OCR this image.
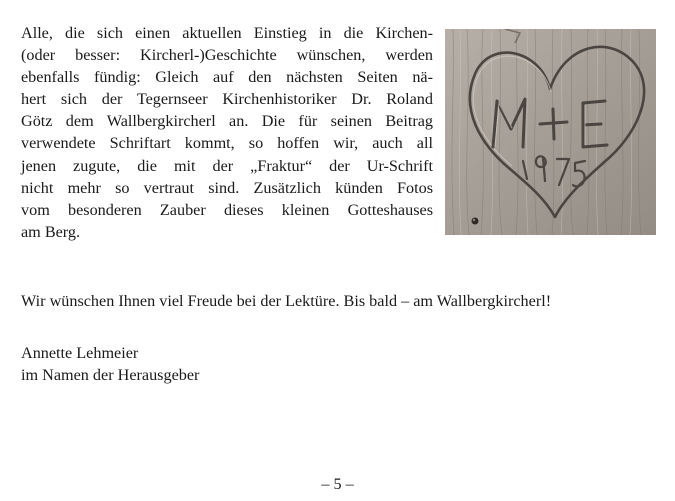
Alle, die sich einen aktuellen Einstieg in die Kirchen-
(oder besser: Kircherl-)Geschichte wünschen, werden
ebenfalls fündig: Gleich auf den nächsten Seiten nä-
hert sich der Tegernseer Kirchenhistoriker Dr. Roland
Götz dem Wallbergkircherl an. Die für seinen Beitrag
verwendete Schriftart kommt, so hoffen wir, auch all
jenen zugute, die mit der „Fraktur“ der Ur-Schrift
nicht mehr so vertraut sind. Zusätzlich künden Fotos
vom besonderen Zauber dieses kleinen Gotteshauses
am Berg.

Wir wünschen Ihnen viel Freude bei der Lektüre. Bis bald – am Wallbergkircherl!

Annette Lehmeier
im Namen der Herausgeber

– 5 –
